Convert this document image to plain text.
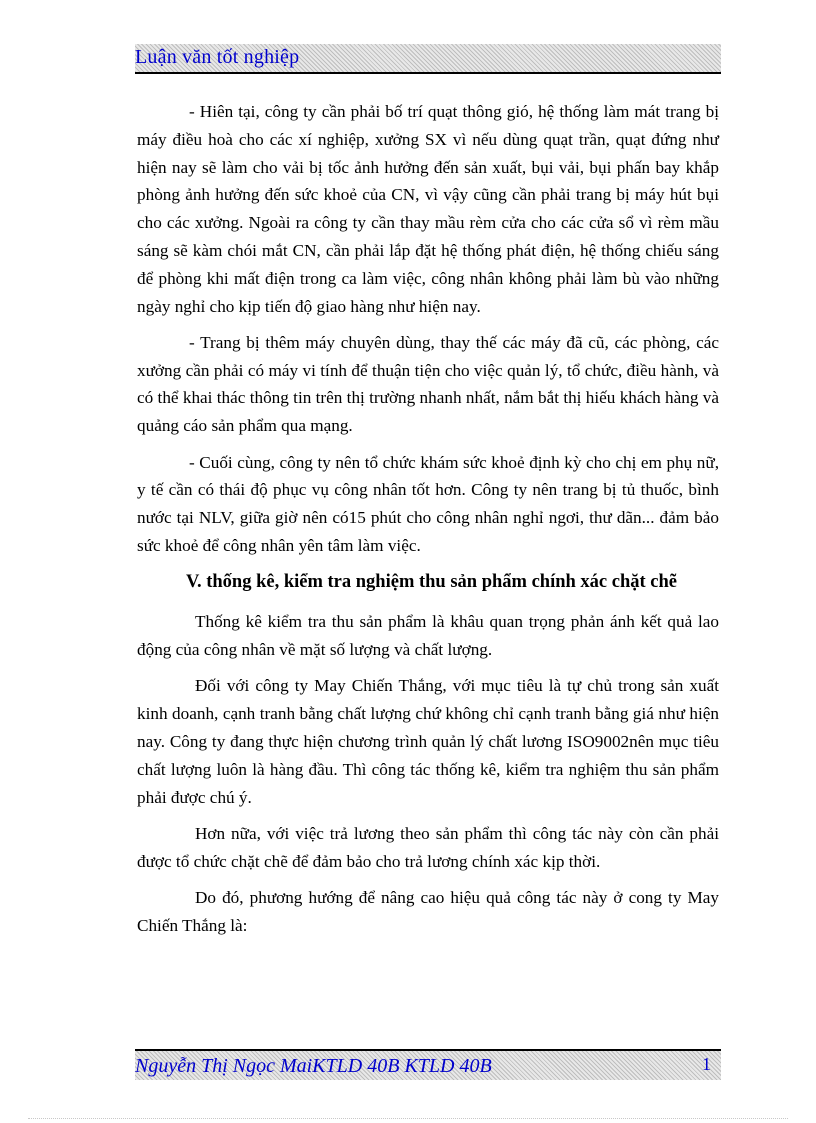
Luận văn tốt nghiệp

- Hiên tại, công ty cần phải bố trí quạt thông gió, hệ thống làm mát trang bị máy điều hoà cho các xí nghiệp, xưởng SX vì nếu dùng quạt trần, quạt đứng như hiện nay sẽ làm cho vải bị tốc ảnh hưởng đến sản xuất, bụi vải, bụi phấn bay khắp phòng ảnh hưởng đến sức khoẻ của CN, vì vậy cũng cần phải trang bị máy hút bụi cho các xưởng. Ngoài ra công ty cần thay mầu rèm cửa cho các cửa sổ vì rèm mầu sáng sẽ kàm chói mắt CN, cần phải lắp đặt hệ thống phát điện, hệ thống chiếu sáng để phòng khi mất điện trong ca làm việc, công nhân không phải làm bù vào những ngày nghỉ cho kịp tiến độ giao hàng như hiện nay.

- Trang bị thêm máy chuyên dùng, thay thế các máy đã cũ, các phòng, các xưởng cần phải có máy vi tính để thuận tiện cho việc quản lý, tổ chức, điều hành, và có thể khai thác thông tin trên thị trường nhanh nhất, nắm bắt thị hiếu khách hàng và quảng cáo sản phẩm qua mạng.

- Cuối cùng, công ty nên tổ chức khám sức khoẻ định kỳ cho chị em phụ nữ, y tế cần có thái độ phục vụ công nhân tốt hơn. Công ty nên trang bị tủ thuốc, bình nước tại NLV, giữa giờ nên có15 phút cho công nhân nghỉ ngơi, thư dãn... đảm bảo sức khoẻ để công nhân yên tâm làm việc.

V. thống kê, kiểm tra nghiệm thu sản phẩm chính xác chặt chẽ

Thống kê kiểm tra thu sản phẩm là khâu quan trọng phản ánh kết quả lao động của công nhân về mặt số lượng và chất lượng.

Đối với công ty May Chiến Thắng, với mục tiêu là tự chủ trong sản xuất kinh doanh, cạnh tranh bằng chất lượng chứ không chỉ cạnh tranh bằng giá như hiện nay. Công ty đang thực hiện chương trình quản lý chất lương ISO9002nên mục tiêu chất lượng luôn là hàng đầu. Thì công tác thống kê, kiểm tra nghiệm thu sản phẩm phải được chú ý.

Hơn nữa, với việc trả lương theo sản phẩm thì công tác này còn cần phải được tổ chức chặt chẽ để đảm bảo cho trả lương chính xác kịp thời.

Do đó, phương hướng để nâng cao hiệu quả công tác này ở cong ty May Chiến Thắng là:

Nguyễn Thị Ngọc MaiKTLD 40B KTLD 40B	1
